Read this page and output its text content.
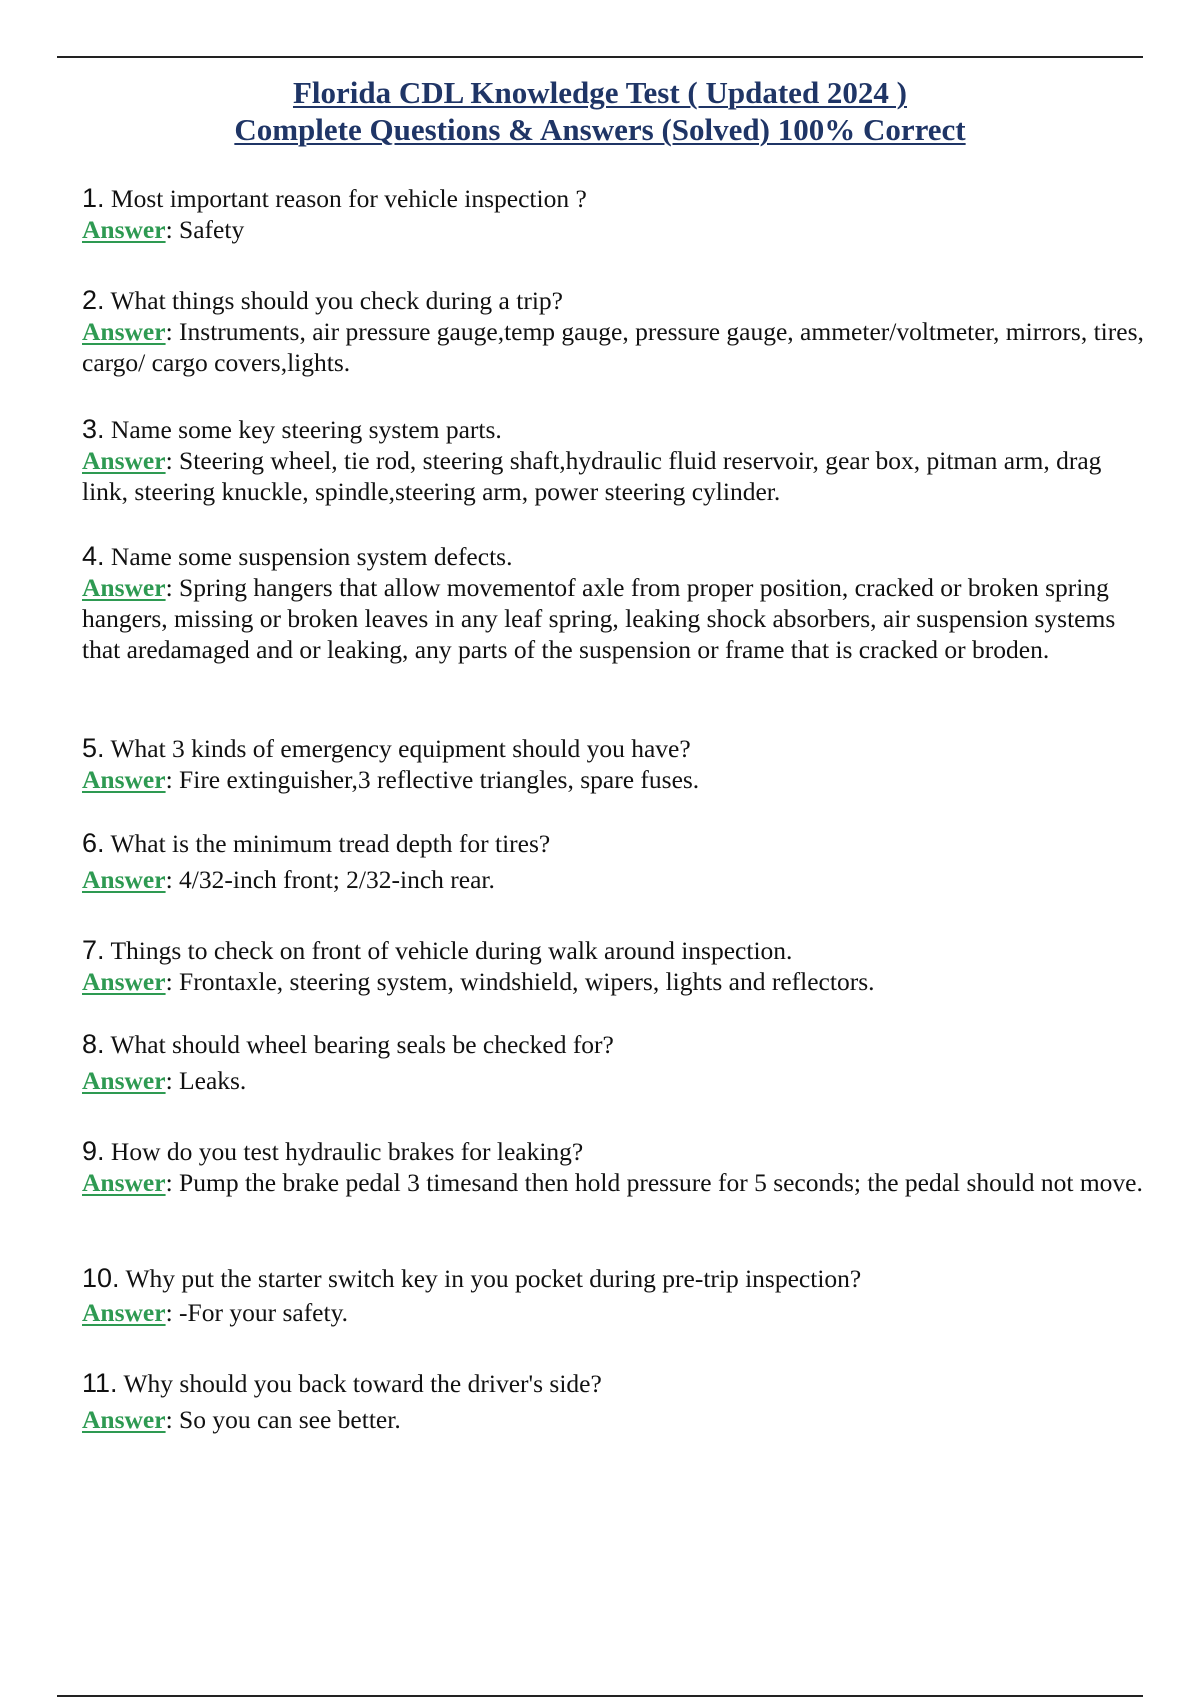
Florida CDL Knowledge Test ( Updated 2024 )
Complete Questions & Answers (Solved) 100% Correct
1. Most important reason for vehicle inspection ?
Answer: Safety
2. What things should you check during a trip?
Answer: Instruments, air pressure gauge,temp gauge, pressure gauge, ammeter/voltmeter, mirrors, tires, cargo/ cargo covers,lights.
3. Name some key steering system parts.
Answer: Steering wheel, tie rod, steering shaft,hydraulic fluid reservoir, gear box, pitman arm, drag link, steering knuckle, spindle,steering arm, power steering cylinder.
4. Name some suspension system defects.
Answer: Spring hangers that allow movementof axle from proper position, cracked or broken spring hangers, missing or broken leaves in any leaf spring, leaking shock absorbers, air suspension systems that aredamaged and or leaking, any parts of the suspension or frame that is cracked or broden.
5. What 3 kinds of emergency equipment should you have?
Answer: Fire extinguisher,3 reflective triangles, spare fuses.
6. What is the minimum tread depth for tires?
Answer: 4/32-inch front; 2/32-inch rear.
7. Things to check on front of vehicle during walk around inspection.
Answer: Frontaxle, steering system, windshield, wipers, lights and reflectors.
8. What should wheel bearing seals be checked for?
Answer: Leaks.
9. How do you test hydraulic brakes for leaking?
Answer: Pump the brake pedal 3 timesand then hold pressure for 5 seconds; the pedal should not move.
10. Why put the starter switch key in you pocket during pre-trip inspection?
Answer: -For your safety.
11. Why should you back toward the driver's side?
Answer: So you can see better.
